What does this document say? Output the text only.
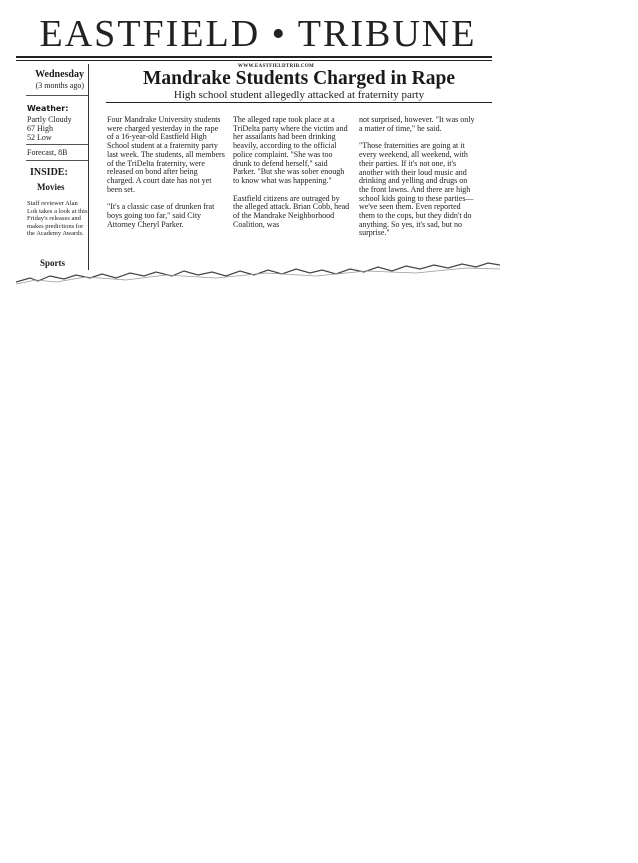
EASTFIELD • TRIBUNE
WWW.EASTFIELDTRIB.COM
Wednesday
(3 months ago)
Weather:
Partly Cloudy
67 High
52 Low
Forecast, 8B
INSIDE:
Movies
Staff reviewer Alan Lok takes a look at this Friday's releases and makes predictions for the Academy Awards.
Sports
Mandrake Students Charged in Rape
High school student allegedly attacked at fraternity party

Four Mandrake University students were charged yesterday in the rape of a 16-year-old Eastfield High School student at a fraternity party last week. The students, all members of the TriDelta fraternity, were released on bond after being charged. A court date has not yet been set.

"It's a classic case of drunken frat boys going too far," said City Attorney Cheryl Parker.

The alleged rape took place at a TriDelta party where the victim and her assailants had been drinking heavily, according to the official police complaint. "She was too drunk to defend herself," said Parker. "But she was sober enough to know what was happening."

Eastfield citizens are outraged by the alleged attack. Brian Cobb, head of the Mandrake Neighborhood Coalition, was

not surprised, however. "It was only a matter of time," he said.

"Those fraternities are going at it every weekend, all weekend, with their parties. If it's not one, it's another with their loud music and drinking and yelling and drugs on the front lawns. And there are high school kids going to these parties—we've seen them. Even reported them to the cops, but they didn't do anything. So yes, it's sad, but no surprise."
